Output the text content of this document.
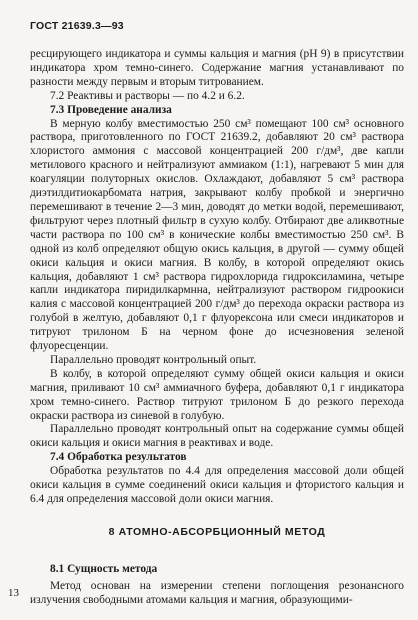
ГОСТ 21639.3—93

ресцирующего индикатора и суммы кальция и магния (рН 9) в присутствии индикатора хром темно-синего. Содержание магния устанавливают по разности между первым и вторым титрованием.

7.2 Реактивы и растворы — по 4.2 и 6.2.

7.3 Проведение анализа

В мерную колбу вместимостью 250 см³ помещают 100 см³ основного раствора, приготовленного по ГОСТ 21639.2, добавляют 20 см³ раствора хлористого аммония с массовой концентрацией 200 г/дм³, две капли метилового красного и нейтрализуют аммиаком (1:1), нагревают 5 мин для коагуляции полуторных окислов. Охлаждают, добавляют 5 см³ раствора диэтилдитиокарбомата натрия, закрывают колбу пробкой и энергично перемешивают в течение 2—3 мин, доводят до метки водой, перемешивают, фильтруют через плотный фильтр в сухую колбу. Отбирают две аликвотные части раствора по 100 см³ в конические колбы вместимостью 250 см³. В одной из колб определяют общую окись кальция, в другой — сумму общей окиси кальция и окиси магния. В колбу, в которой определяют окись кальция, добавляют 1 см³ раствора гидрохлорида гидроксиламина, четыре капли индикатора пиридилкармнна, нейтрализуют раствором гидроокиси калия с массовой концентрацией 200 г/дм³ до перехода окраски раствора из голубой в желтую, добавляют 0,1 г флуорексона или смеси индикаторов и титруют трилоном Б на черном фоне до исчезновения зеленой флуоресценции.

Параллельно проводят контрольный опыт.

В колбу, в которой определяют сумму общей окиси кальция и окиси магния, приливают 10 см³ аммиачного буфера, добавляют 0,1 г индикатора хром темно-синего. Раствор титруют трилоном Б до резкого перехода окраски раствора из синевой в голубую.

Параллельно проводят контрольный опыт на содержание суммы общей окиси кальция и окиси магния в реактивах и воде.

7.4 Обработка результатов

Обработка результатов по 4.4 для определения массовой доли общей окиси кальция в сумме соединений окиси кальция и фтористого кальция и 6.4 для определения массовой доли окиси магния.

8 АТОМНО-АБСОРБЦИОННЫЙ МЕТОД

8.1 Сущность метода

Метод основан на измерении степени поглощения резонансного излучения свободными атомами кальция и магния, образующими-

13
